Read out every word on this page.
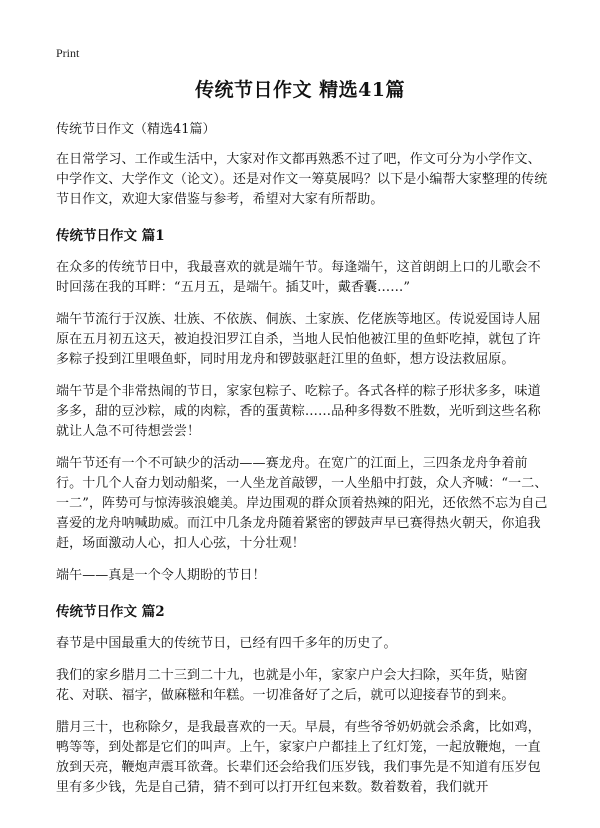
Print
传统节日作文 精选41篇
传统节日作文（精选41篇）

在日常学习、工作或生活中，大家对作文都再熟悉不过了吧，作文可分为小学作文、中学作文、大学作文（论文）。还是对作文一筹莫展吗？以下是小编帮大家整理的传统节日作文，欢迎大家借鉴与参考，希望对大家有所帮助。

传统节日作文 篇1

在众多的传统节日中，我最喜欢的就是端午节。每逢端午，这首朗朗上口的儿歌会不时回荡在我的耳畔：“五月五，是端午。插艾叶，戴香囊……”

端午节流行于汉族、壮族、不依族、侗族、土家族、仡佬族等地区。传说爱国诗人屈原在五月初五这天，被迫投汨罗江自杀，当地人民怕他被江里的鱼虾吃掉，就包了许多粽子投到江里喂鱼虾，同时用龙舟和锣鼓驱赶江里的鱼虾，想方设法救屈原。

端午节是个非常热闹的节日，家家包粽子、吃粽子。各式各样的粽子形状多多，味道多多，甜的豆沙粽，咸的肉粽，香的蛋黄粽……品种多得数不胜数，光听到这些名称就让人急不可待想尝尝！

端午节还有一个不可缺少的活动——赛龙舟。在宽广的江面上，三四条龙舟争着前行。十几个人奋力划动船桨，一人坐龙首敲锣，一人坐船中打鼓，众人齐喊：“一二、一二”，阵势可与惊涛骇浪媲美。岸边围观的群众顶着热辣的阳光，还依然不忘为自己喜爱的龙舟呐喊助威。而江中几条龙舟随着紧密的锣鼓声早已赛得热火朝天，你追我赶，场面激动人心，扣人心弦，十分壮观！

端午——真是一个令人期盼的节日！

传统节日作文 篇2

春节是中国最重大的传统节日，已经有四千多年的历史了。

我们的家乡腊月二十三到二十九，也就是小年，家家户户会大扫除，买年货，贴窗花、对联、福字，做麻糍和年糕。一切准备好了之后，就可以迎接春节的到来。

腊月三十，也称除夕，是我最喜欢的一天。早晨，有些爷爷奶奶就会杀禽，比如鸡，鸭等等，到处都是它们的叫声。上午，家家户户都挂上了红灯笼，一起放鞭炮，一直放到天亮，鞭炮声震耳欲聋。长辈们还会给我们压岁钱，我们事先是不知道有压岁包里有多少钱，先是自己猜，猜不到可以打开红包来数。数着数着，我们就开
